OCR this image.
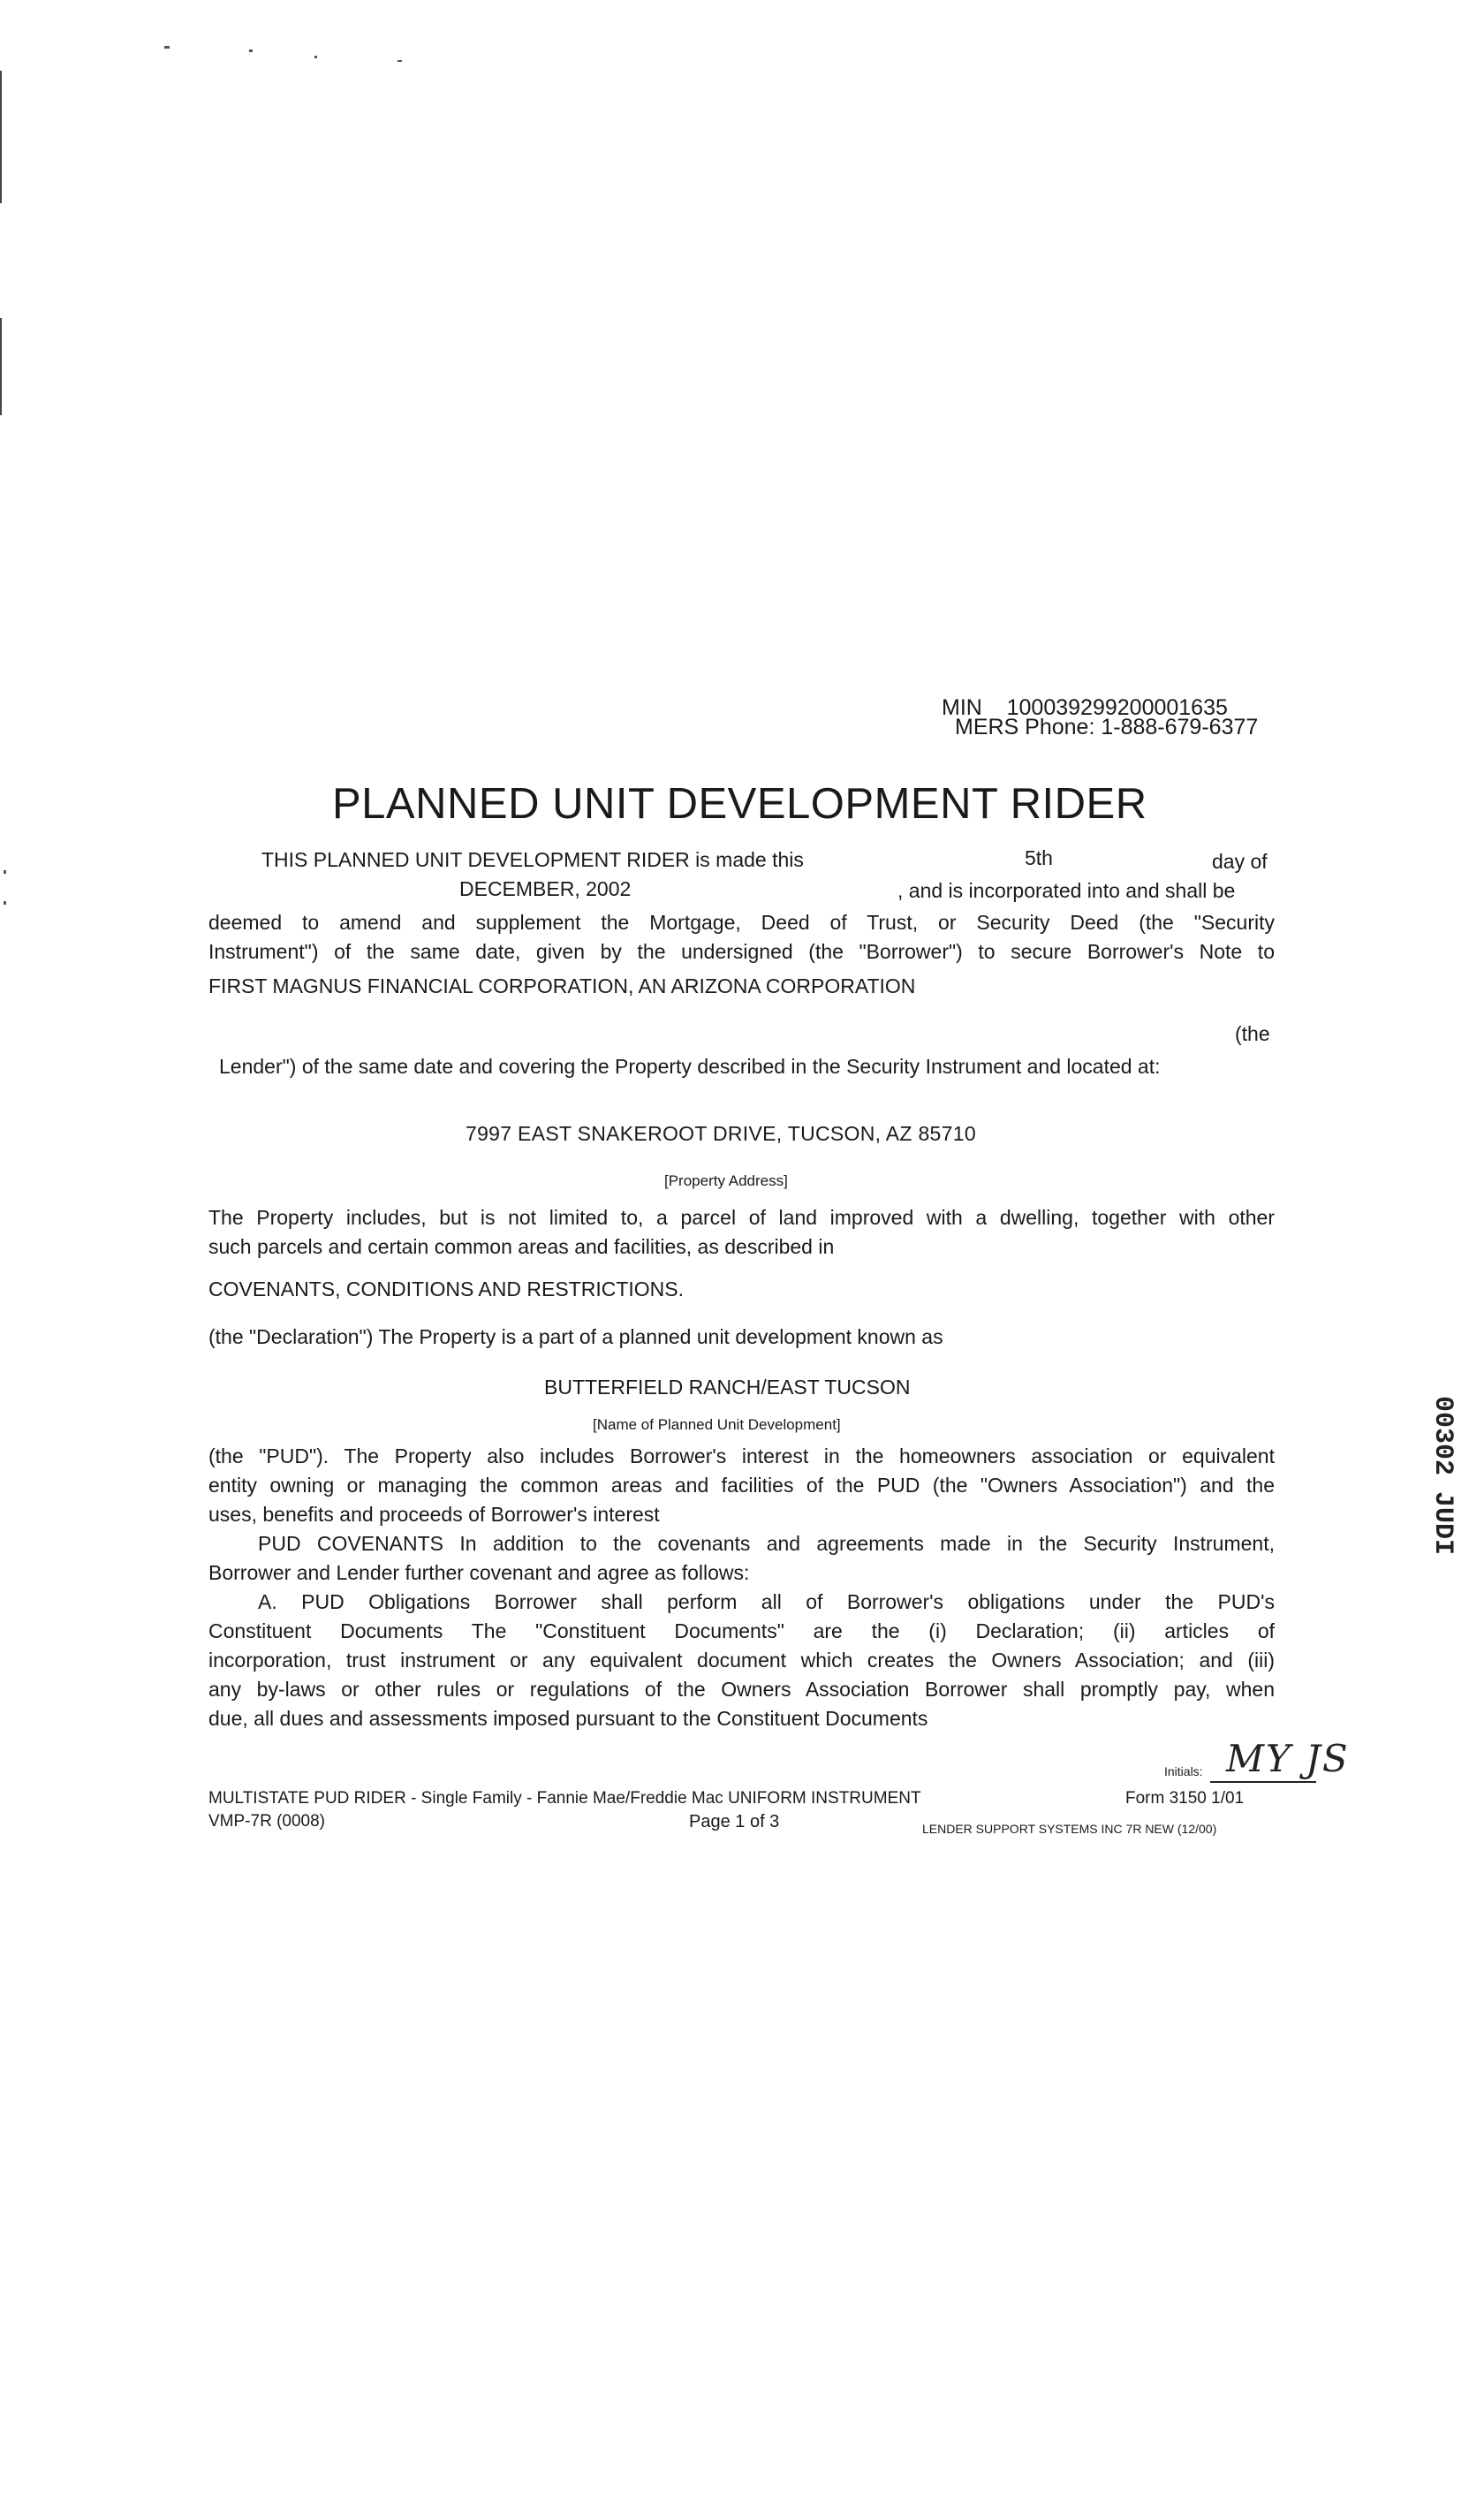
MIN 100039299200001635
MERS Phone: 1-888-679-6377
PLANNED UNIT DEVELOPMENT RIDER
THIS PLANNED UNIT DEVELOPMENT RIDER is made this	5th	day of
DECEMBER, 2002	, and is incorporated into and shall be
deemed to amend and supplement the Mortgage, Deed of Trust, or Security Deed (the "Security
Instrument") of the same date, given by the undersigned (the "Borrower") to secure Borrower's Note to
FIRST MAGNUS FINANCIAL CORPORATION, AN ARIZONA CORPORATION
(the
Lender") of the same date and covering the Property described in the Security Instrument and located at:
7997 EAST SNAKEROOT DRIVE, TUCSON, AZ 85710
[Property Address]
The Property includes, but is not limited to, a parcel of land improved with a dwelling, together with other
such parcels and certain common areas and facilities, as described in
COVENANTS, CONDITIONS AND RESTRICTIONS.
(the "Declaration") The Property is a part of a planned unit development known as
BUTTERFIELD RANCH/EAST TUCSON
[Name of Planned Unit Development]
(the "PUD"). The Property also includes Borrower's interest in the homeowners association or equivalent
entity owning or managing the common areas and facilities of the PUD (the "Owners Association") and the
uses, benefits and proceeds of Borrower's interest
PUD COVENANTS In addition to the covenants and agreements made in the Security Instrument,
Borrower and Lender further covenant and agree as follows:
A. PUD Obligations Borrower shall perform all of Borrower's obligations under the PUD's
Constituent Documents The "Constituent Documents" are the (i) Declaration; (ii) articles of
incorporation, trust instrument or any equivalent document which creates the Owners Association; and (iii)
any by-laws or other rules or regulations of the Owners Association Borrower shall promptly pay, when
due, all dues and assessments imposed pursuant to the Constituent Documents
Initials: MY JS
MULTISTATE PUD RIDER - Single Family - Fannie Mae/Freddie Mac UNIFORM INSTRUMENT	Form 3150 1/01
VMP-7R (0008)	Page 1 of 3	LENDER SUPPORT SYSTEMS INC 7R NEW (12/00)
00302 JUDI
